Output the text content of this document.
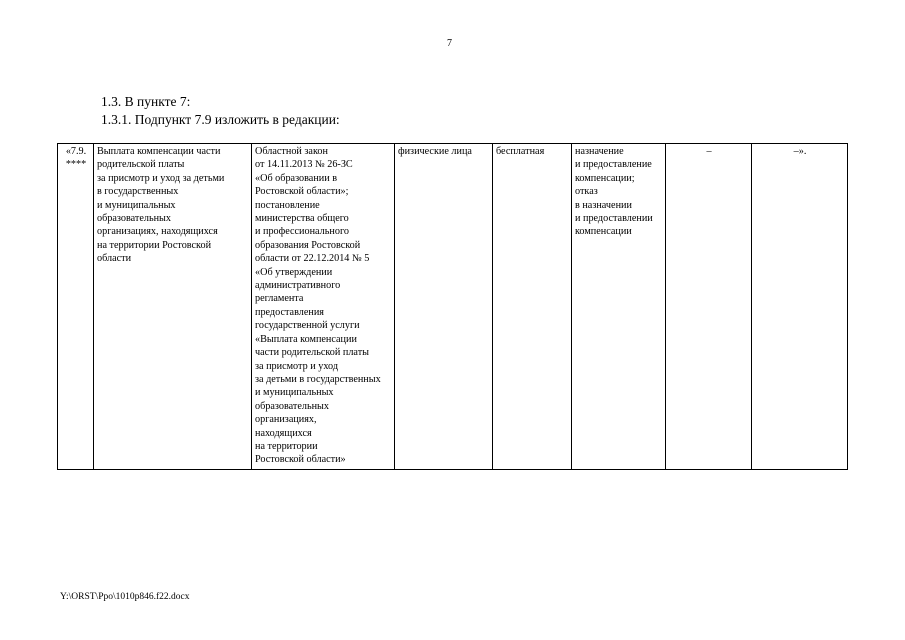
7
1.3. В пункте 7:
1.3.1. Подпункт 7.9 изложить в редакции:
«7.9.
****	Выплата компенсации части
родительской платы
за присмотр и уход за детьми
в государственных
и муниципальных
образовательных
организациях, находящихся
на территории Ростовской
области	Областной закон
от 14.11.2013 № 26-ЗС
«Об образовании в
Ростовской области»;
постановление
министерства общего
и профессионального
образования Ростовской
области от 22.12.2014 № 5
«Об утверждении
административного
регламента
предоставления
государственной услуги
«Выплата компенсации
части родительской платы
за присмотр и уход
за детьми в государственных
и муниципальных
образовательных
организациях,
находящихся
на территории
Ростовской области»	физические лица	бесплатная	назначение
и предоставление
компенсации;
отказ
в назначении
и предоставлении
компенсации	–	–».
Y:\ORST\Ppo\1010p846.f22.docx
